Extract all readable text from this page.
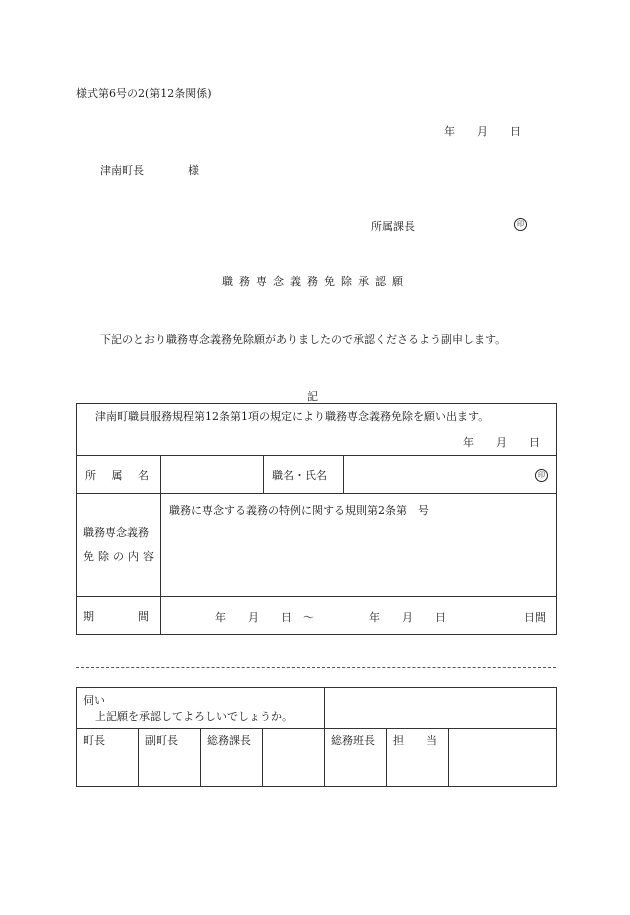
様式第6号の2(第12条関係)
年　　月　　日
津南町長　　　　様
所属課長	印
職務専念義務免除承認願
下記のとおり職務専念義務免除願がありましたので承認くださるよう副申します。
記
津南町職員服務規程第12条第1項の規定により職務専念義務免除を願い出ます。
年　　月　　日			

所 属 名		職名・氏名	印

職務専念義務
免除の内容	職務に専念する義務の特例に関する規則第2条第　号		
期　　　　間	年　　月　　日　～ 年　　月　　日 日間		
伺い
上記願を承認してよろしいでしょうか。						

町長	副町長	総務課長		総務班長	担　　当	
